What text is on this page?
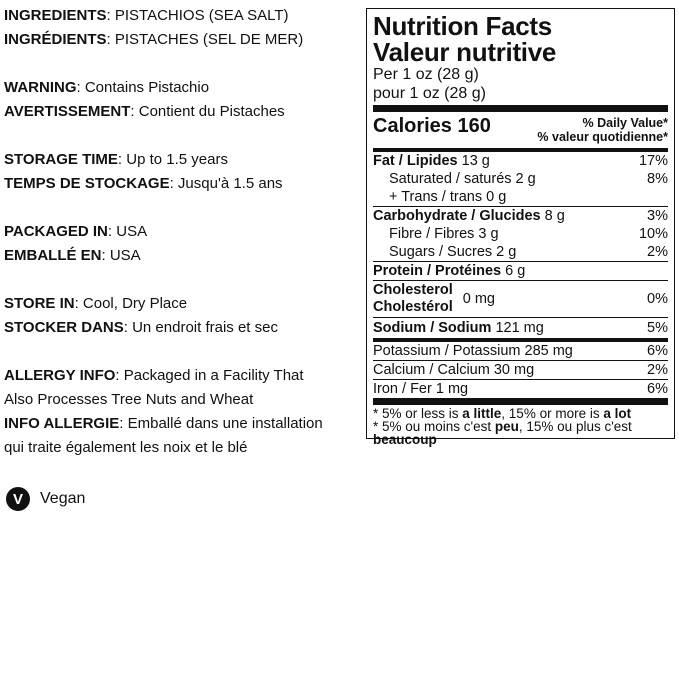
INGREDIENTS: PISTACHIOS (SEA SALT)

INGRÉDIENTS: PISTACHES (SEL DE MER)

WARNING: Contains Pistachio

AVERTISSEMENT: Contient du Pistaches

STORAGE TIME: Up to 1.5 years

TEMPS DE STOCKAGE: Jusqu'à 1.5 ans

PACKAGED IN: USA

EMBALLÉ EN: USA

STORE IN: Cool, Dry Place

STOCKER DANS: Un endroit frais et sec

ALLERGY INFO: Packaged in a Facility That

Also Processes Tree Nuts and Wheat

INFO ALLERGIE: Emballé dans une installation

qui traite également les noix et le blé

V	Vegan
Nutrition Facts
Valeur nutritive
Per 1 oz (28 g)
pour 1 oz (28 g)
Calories 160	% Daily Value*
% valeur quotidienne*
Fat / Lipides 13 g	17%
Saturated / saturés 2 g	8%
+ Trans / trans 0 g
Carbohydrate / Glucides 8 g	3%
Fibre / Fibres 3 g	10%
Sugars / Sucres 2 g	2%
Protein / Protéines 6 g
Cholesterol
Cholestérol 0 mg	0%
Sodium / Sodium 121 mg	5%
Potassium / Potassium 285 mg	6%
Calcium / Calcium 30 mg	2%
Iron / Fer 1 mg	6%
* 5% or less is a little, 15% or more is a lot
* 5% ou moins c'est peu, 15% ou plus c'est
beaucoup
